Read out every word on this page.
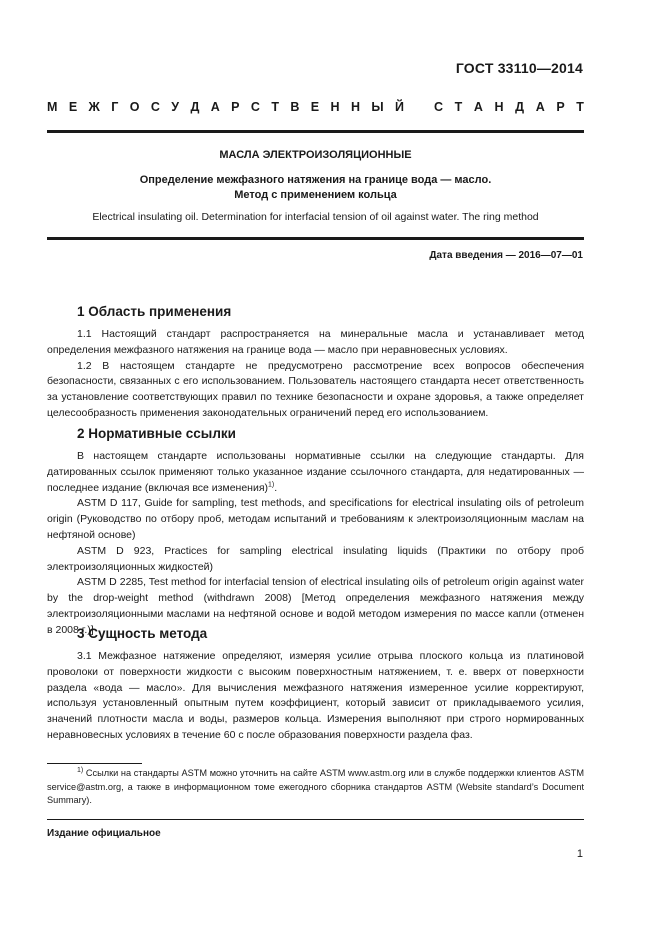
ГОСТ 33110—2014
М Е Ж Г О С У Д А Р С Т В Е Н Н Ы Й С Т А Н Д А Р Т
МАСЛА ЭЛЕКТРОИЗОЛЯЦИОННЫЕ
Определение межфазного натяжения на границе вода — масло.
Метод с применением кольца
Electrical insulating oil. Determination for interfacial tension of oil against water. The ring method
Дата введения — 2016—07—01
1 Область применения

1.1 Настоящий стандарт распространяется на минеральные масла и устанавливает метод определения межфазного натяжения на границе вода — масло при неравновесных условиях.

1.2 В настоящем стандарте не предусмотрено рассмотрение всех вопросов обеспечения безопасности, связанных с его использованием. Пользователь настоящего стандарта несет ответственность за установление соответствующих правил по технике безопасности и охране здоровья, а также определяет целесообразность применения законодательных ограничений перед его использованием.

2 Нормативные ссылки

В настоящем стандарте использованы нормативные ссылки на следующие стандарты. Для датированных ссылок применяют только указанное издание ссылочного стандарта, для недатированных — последнее издание (включая все изменения)$^{1)}$.

ASTM D 117, Guide for sampling, test methods, and specifications for electrical insulating oils of petroleum origin (Руководство по отбору проб, методам испытаний и требованиям к электроизоляционным маслам на нефтяной основе)

ASTM D 923, Practices for sampling electrical insulating liquids (Практики по отбору проб электроизоляционных жидкостей)

ASTM D 2285, Test method for interfacial tension of electrical insulating oils of petroleum origin against water by the drop-weight method (withdrawn 2008) [Метод определения межфазного натяжения между электроизоляционными маслами на нефтяной основе и водой методом измерения по массе капли (отменен в 2008 г.)]

3 Сущность метода

3.1 Межфазное натяжение определяют, измеряя усилие отрыва плоского кольца из платиновой проволоки от поверхности жидкости с высоким поверхностным натяжением, т. е. вверх от поверхности раздела «вода — масло». Для вычисления межфазного натяжения измеренное усилие корректируют, используя установленный опытным путем коэффициент, который зависит от прикладываемого усилия, значений плотности масла и воды, размеров кольца. Измерения выполняют при строго нормированных неравновесных условиях в течение 60 с после образования поверхности раздела фаз.

$^{1)}$ Ссылки на стандарты ASTM можно уточнить на сайте ASTM www.astm.org или в службе поддержки клиентов ASTM service@astm.org, а также в информационном томе ежегодного сборника стандартов ASTM (Website standard’s Document Summary).

Издание официальное
1
